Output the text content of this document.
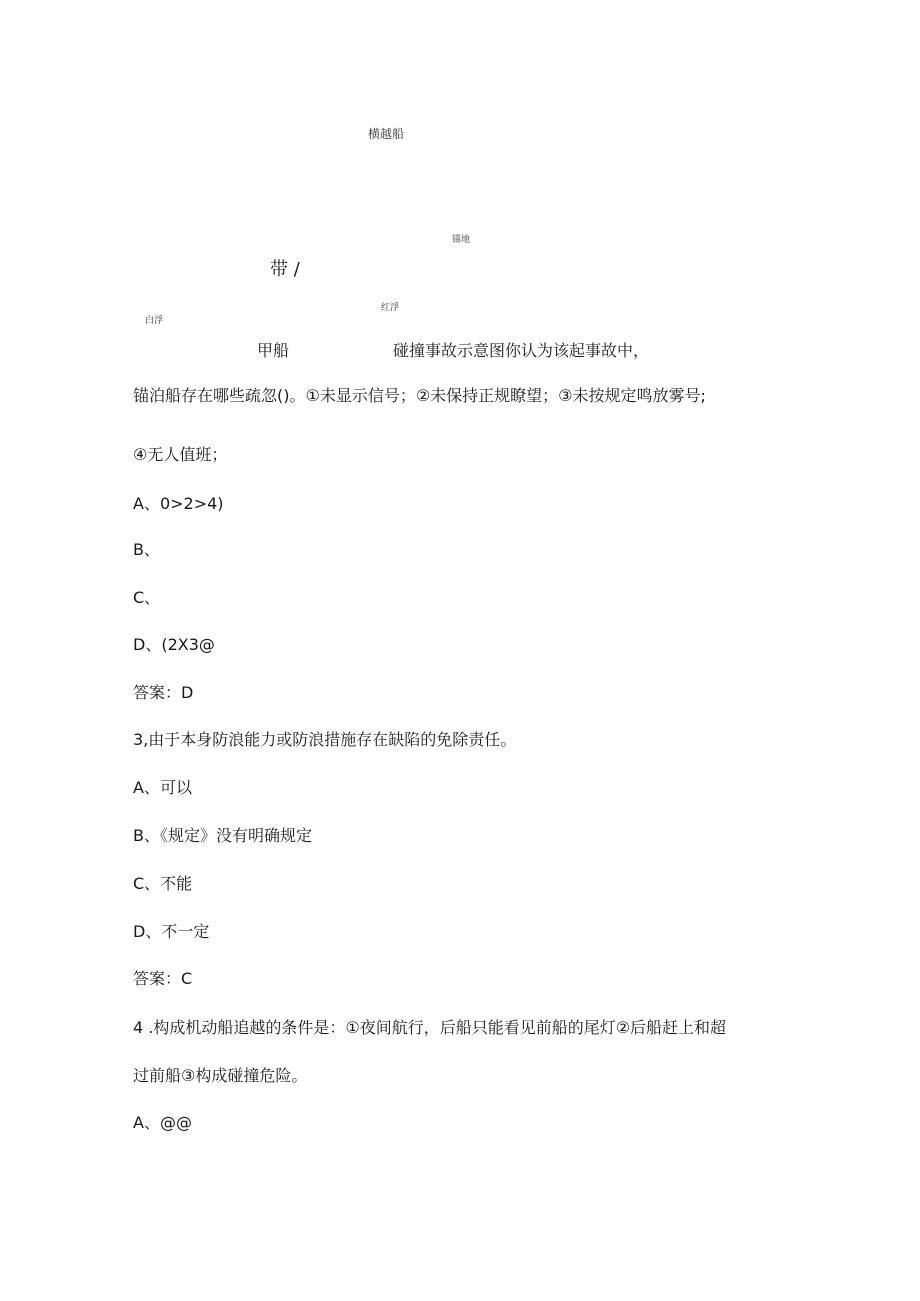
横越船
锚地
带 /
红浮
白浮
甲船	碰撞事故示意图你认为该起事故中，
锚泊船存在哪些疏忽()。①未显示信号；②未保持正规瞭望；③未按规定鸣放雾号;
④无人值班；
A、0>2>4)
B、
C、
D、(2X3@
答案：D
3,由于本身防浪能力或防浪措施存在缺陷的免除责任。
A、可以
B、《规定》没有明确规定
C、不能
D、不一定
答案：C
4	.构成机动船追越的条件是：①夜间航行，后船只能看见前船的尾灯②后船赶上和超
过前船③构成碰撞危险。
A、@@
